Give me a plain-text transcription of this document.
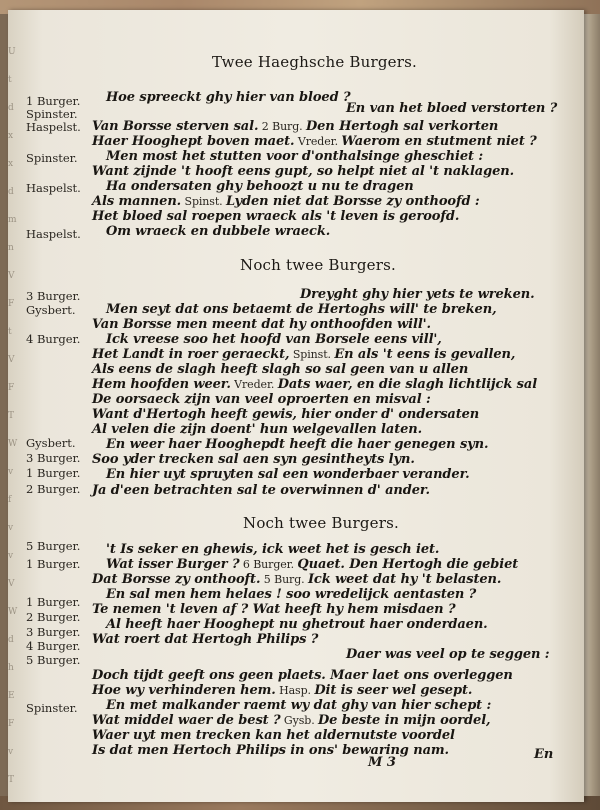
U
t
d
x
x
d
m
n
V
F
t
V
F
T
W
v
f
v
v
V
W
d
h
E
F
v
T
Twee Haeghsche Burgers.
Noch twee Burgers.
Noch twee Burgers.
M 3
En
1 Burger. Hoe spreeckt ghy hier van bloed ?
Spinster.	En van het bloed verstorten ?
Haspelst. Van Borsse sterven sal. 2 Burg. Den Hertogh sal verkorten
Haer Hooghept boven maet. Vreder. Waerom en stutment niet ?
Spinster. Men most het stutten voor d'onthalsinge gheschiet :
Want zijnde 't hooft eens gupt, so helpt niet al 't naklagen.
Haspelst. Ha ondersaten ghy behoozt u nu te dragen
Als mannen. Spinst. Lyden niet dat Borsse zy onthoofd :
Het bloed sal roepen wraeck als 't leven is geroofd.
Haspelst. Om wraeck en dubbele wraeck.
3 Burger.	Dreyght ghy hier yets te wreken.
Gysbert. Men seyt dat ons betaemt de Hertoghs will' te breken,
Van Borsse men meent dat hy onthoofden will'.
4 Burger. Ick vreese soo het hoofd van Borsele eens vill',
Het Landt in roer geraeckt, Spinst. En als 't eens is gevallen,
Als eens de slagh heeft slagh so sal geen van u allen
Hem hoofden weer. Vreder. Dats waer, en die slagh lichtlijck sal
De oorsaeck zijn van veel oproerten en misval :
Want d'Hertogh heeft gewis, hier onder d' ondersaten
Al velen die zijn doent' hun welgevallen laten.
Gysbert. En weer haer Hooghepdt heeft die haer genegen syn.
3 Burger. Soo yder trecken sal aen syn gesintheyts lyn.
1 Burger. En hier uyt spruyten sal een wonderbaer verander.
2 Burger. Ja d'een betrachten sal te overwinnen d' ander.
5 Burger. 't Is seker en ghewis, ick weet het is gesch iet.
1 Burger. Wat isser Burger ? 6 Burger. Quaet. Den Hertogh die gebiet
Dat Borsse zy onthooft. 5 Burg. Ick weet dat hy 't belasten.
1 Burger. En sal men hem helaes ! soo wredelijck aentasten ?
2 Burger. Te nemen 't leven af ? Wat heeft hy hem misdaen ?
3 Burger. Al heeft haer Hooghept nu ghetrout haer onderdaen.
4 Burger. Wat roert dat Hertogh Philips ?
5 Burger.	Daer was veel op te seggen :
Doch tijdt geeft ons geen plaets. Maer laet ons overleggen
Hoe wy verhinderen hem. Hasp. Dit is seer wel gesept.
Spinster. En met malkander raemt wy dat ghy van hier schept :
Wat middel waer de best ? Gysb. De beste in mijn oordel,
Waer uyt men trecken kan het aldernutste voordel
Is dat men Hertoch Philips in ons' bewaring nam.
